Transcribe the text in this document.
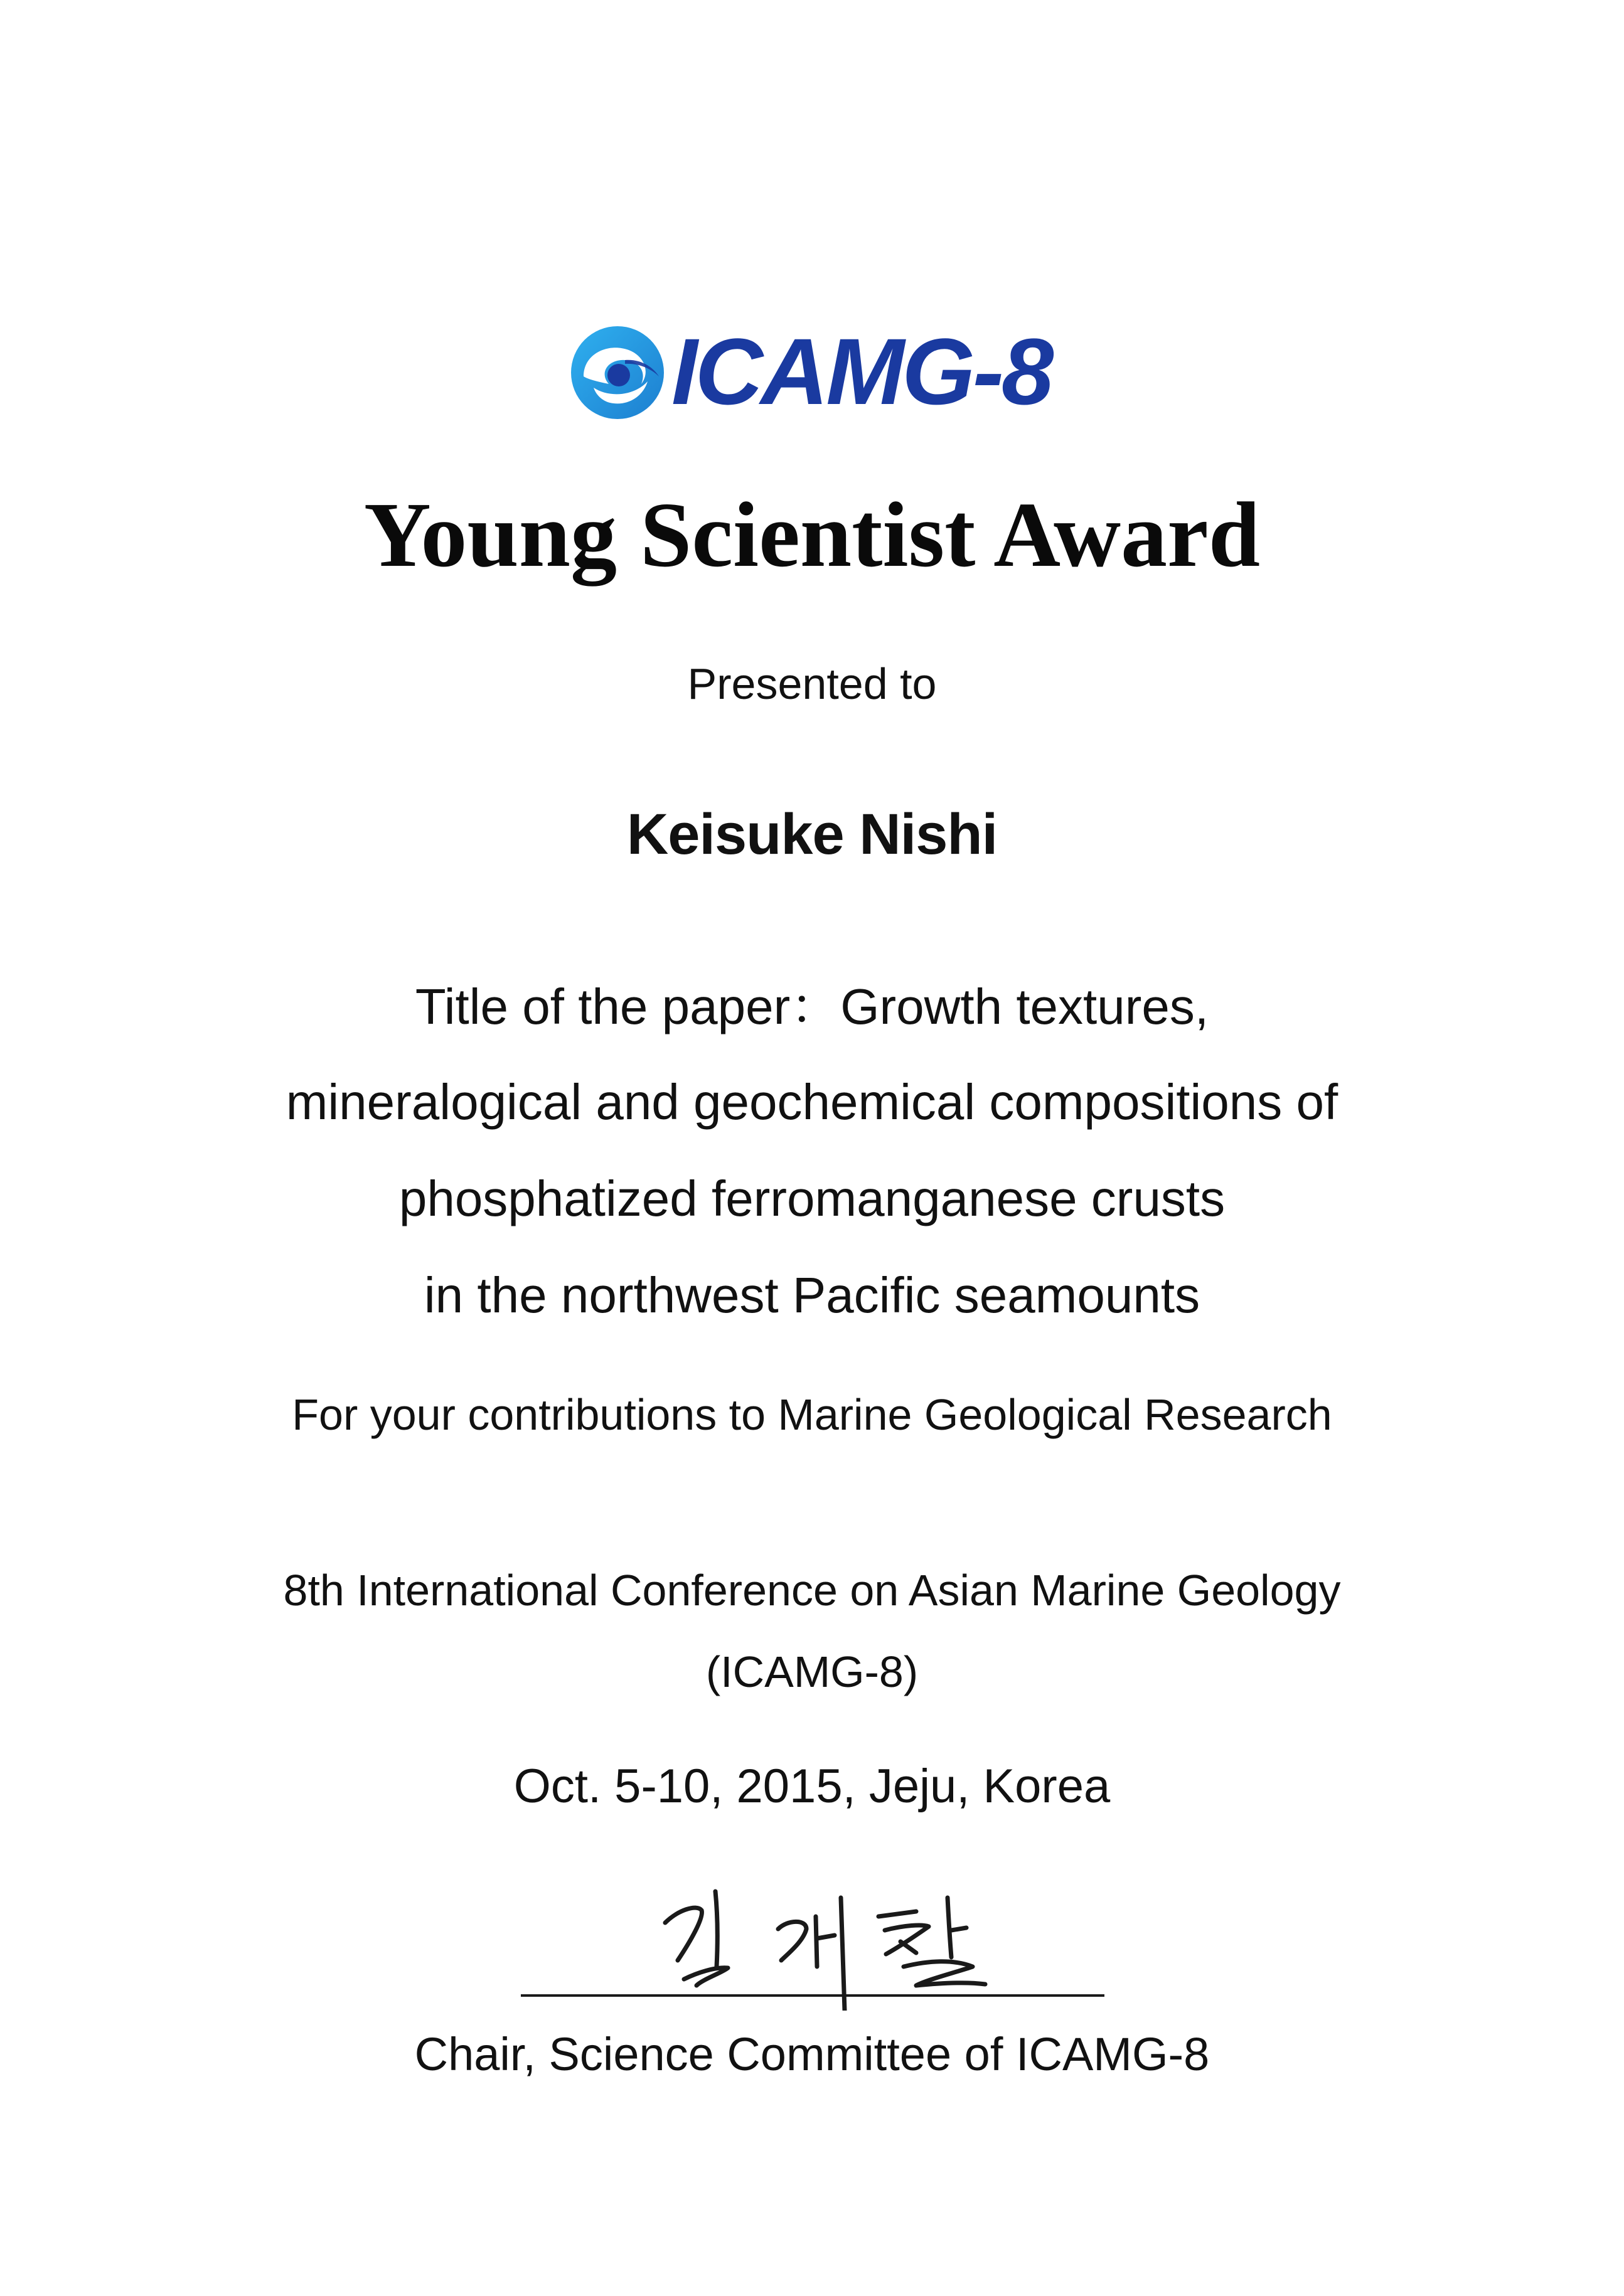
ICAMG-8
Young Scientist Award
Presented to
Keisuke Nishi
Title of the paper：Growth textures,
mineralogical and geochemical compositions of
phosphatized ferromanganese crusts
in the northwest Pacific seamounts
For your contributions to Marine Geological Research
8th International Conference on Asian Marine Geology
(ICAMG-8)
Oct. 5-10, 2015, Jeju, Korea
Chair, Science Committee of ICAMG-8
